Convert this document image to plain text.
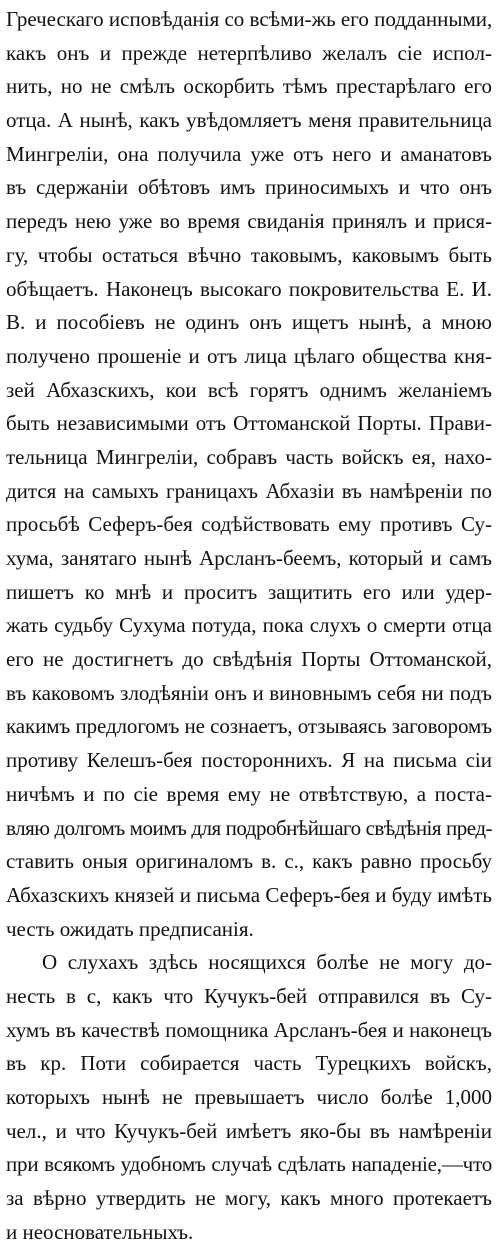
Греческаго исповѣданія со всѣми-жь его подданными,
какъ онъ и прежде нетерпѣливо желалъ сіе испол-
нить, но не смѣлъ оскорбить тѣмъ престарѣлаго его
отца. А нынѣ, какъ увѣдомляетъ меня правительница
Мингреліи, она получила уже отъ него и аманатовъ
въ сдержаніи обѣтовъ имъ приносимыхъ и что онъ
передъ нею уже во время свиданія принялъ и прися-
гу, чтобы остаться вѣчно таковымъ, каковымъ быть
обѣщаетъ. Наконецъ высокаго покровительства Е. И.
В. и пособіевъ не одинъ онъ ищетъ нынѣ, а мною
получено прошеніе и отъ лица цѣлаго общества кня-
зей Абхазскихъ, кои всѣ горятъ однимъ желаніемъ
быть независимыми отъ Оттоманской Порты. Прави-
тельница Мингреліи, собравъ часть войскъ ея, нахо-
дится на самыхъ границахъ Абхазіи въ намѣреніи по
просьбѣ Сеферъ-бея содѣйствовать ему противъ Су-
хума, занятаго нынѣ Арсланъ-беемъ, который и самъ
пишетъ ко мнѣ и проситъ защитить его или удер-
жать судьбу Сухума потуда, пока слухъ о смерти отца
его не достигнетъ до свѣдѣнія Порты Оттоманской,
въ каковомъ злодѣяніи онъ и виновнымъ себя ни подъ
какимъ предлогомъ не сознаетъ, отзываясь заговоромъ
противу Келешъ-бея постороннихъ. Я на письма сіи
ничѣмъ и по сіе время ему не отвѣтствую, а поста-
вляю долгомъ моимъ для подробнѣйшаго свѣдѣнія пред-
ставить оныя оригиналомъ в. с., какъ равно просьбу
Абхазскихъ князей и письма Сеферъ-бея и буду имѣть
честь ожидать предписанія.
О слухахъ здѣсь носящихся болѣе не могу до-
несть в с, какъ что Кучукъ-бей отправился въ Су-
хумъ въ качествѣ помощника Арсланъ-бея и наконецъ
въ кр. Поти собирается часть Турецкихъ войскъ,
которыхъ нынѣ не превышаетъ число болѣе 1,000
чел., и что Кучукъ-бей имѣетъ яко-бы въ намѣреніи
при всякомъ удобномъ случаѣ сдѣлать нападеніе,—что
за вѣрно утвердить не могу, какъ много протекаетъ
и неосновательныхъ.
